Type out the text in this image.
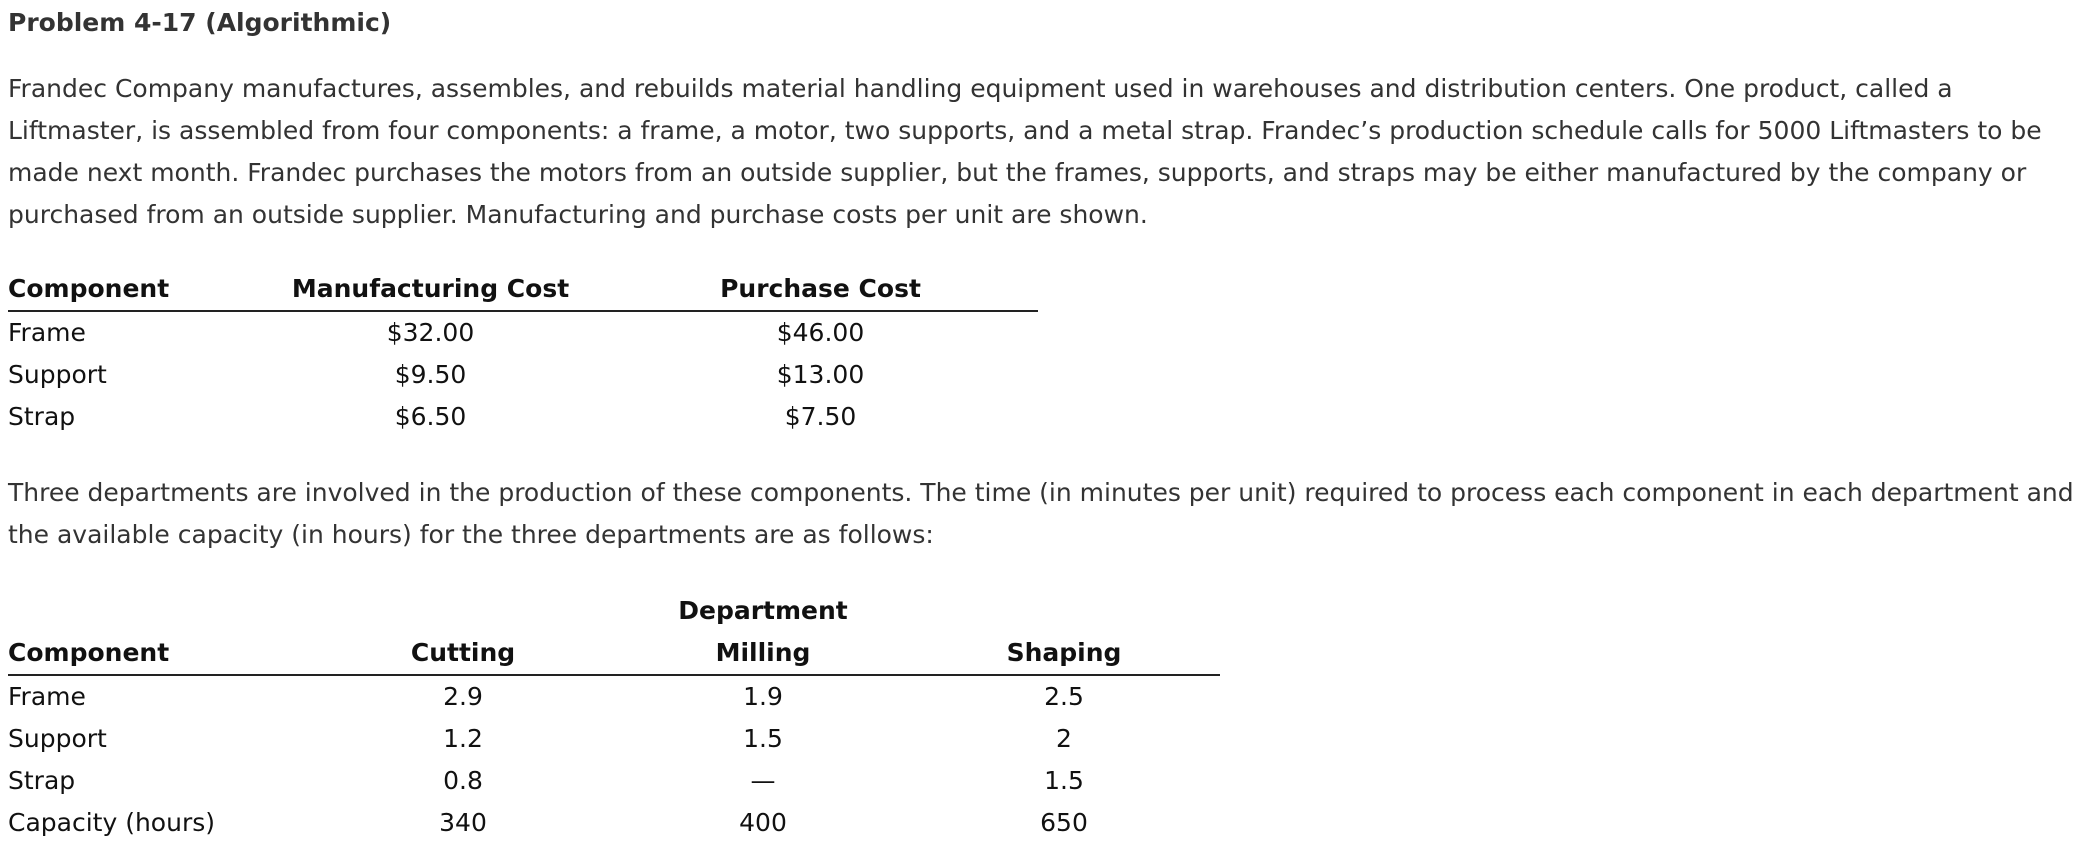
Problem 4-17 (Algorithmic)

Frandec Company manufactures, assembles, and rebuilds material handling equipment used in warehouses and distribution centers. One product, called a Liftmaster, is assembled from four components: a frame, a motor, two supports, and a metal strap. Frandec’s production schedule calls for 5000 Liftmasters to be made next month. Frandec purchases the motors from an outside supplier, but the frames, supports, and straps may be either manufactured by the company or purchased from an outside supplier. Manufacturing and purchase costs per unit are shown.

Component	Manufacturing Cost	Purchase Cost
Frame	$32.00	$46.00
Support	$9.50	$13.00
Strap	$6.50	$7.50

Three departments are involved in the production of these components. The time (in minutes per unit) required to process each component in each department and the available capacity (in hours) for the three departments are as follows:

		Department	
Component	Cutting	Milling	Shaping
Frame	2.9	1.9	2.5
Support	1.2	1.5	2
Strap	0.8	—	1.5
Capacity (hours)	340	400	650
